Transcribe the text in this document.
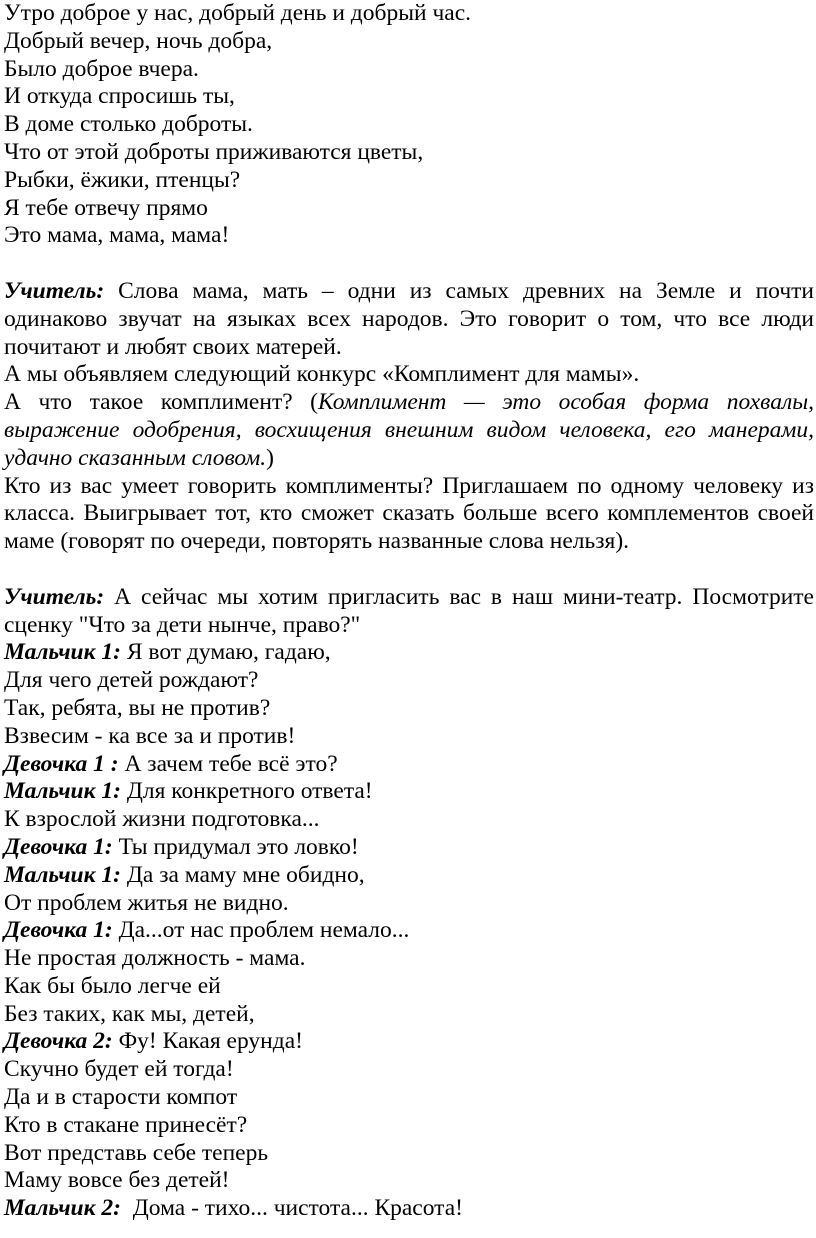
Утро доброе у нас, добрый день и добрый час.

Добрый вечер, ночь добра,

Было доброе вчера.

И откуда спросишь ты,

В доме столько доброты.

Что от этой доброты приживаются цветы,

Рыбки, ёжики, птенцы?

Я тебе отвечу прямо

Это мама, мама, мама!

Учитель: Слова мама, мать – одни из самых древних на Земле и почти одинаково звучат на языках всех народов. Это говорит о том, что все люди почитают и любят своих матерей.

А мы объявляем следующий конкурс «Комплимент для мамы».

А что такое комплимент? (Комплимент — это особая форма похвалы, выражение одобрения, восхищения внешним видом человека, его манерами, удачно сказанным словом.)

Кто из вас умеет говорить комплименты? Приглашаем по одному человеку из класса. Выигрывает тот, кто сможет сказать больше всего комплементов своей маме (говорят по очереди, повторять названные слова нельзя).

Учитель: А сейчас мы хотим пригласить вас в наш мини-театр. Посмотрите сценку "Что за дети нынче, право?"

Мальчик 1: Я вот думаю, гадаю,

Для чего детей рождают?

Так, ребята, вы не против?

Взвесим - ка все за и против!

Девочка 1 : А зачем тебе всё это?

Мальчик 1: Для конкретного ответа!

К взрослой жизни подготовка...

Девочка 1: Ты придумал это ловко!

Мальчик 1: Да за маму мне обидно,

От проблем житья не видно.

Девочка 1: Да...от нас проблем немало...

Не простая должность - мама.

Как бы было легче ей

Без таких, как мы, детей,

Девочка 2: Фу! Какая ерунда!

Скучно будет ей тогда!

Да и в старости компот

Кто в стакане принесёт?

Вот представь себе теперь

Маму вовсе без детей!

Мальчик 2:  Дома - тихо... чистота... Красота!
